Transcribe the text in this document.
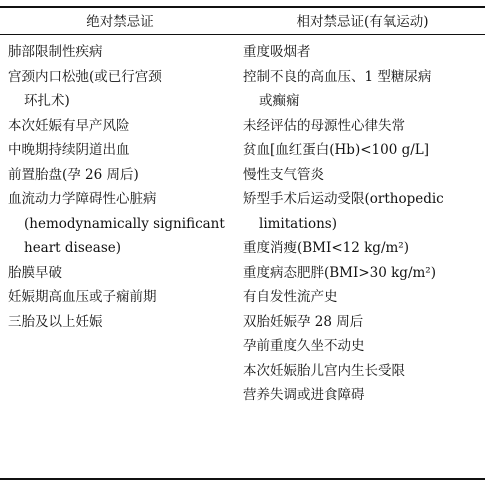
绝对禁忌证	相对禁忌证(有氧运动)
肺部限制性疾病
宫颈内口松弛(或已行宫颈
环扎术)
本次妊娠有早产风险
中晚期持续阴道出血
前置胎盘(孕 26 周后)
血流动力学障碍性心脏病
(hemodynamically significant
heart disease)
胎膜早破
妊娠期高血压或子痫前期
三胎及以上妊娠
重度吸烟者
控制不良的高血压、1 型糖尿病
或癫痫
未经评估的母源性心律失常
贫血[血红蛋白(Hb)<100 g/L]
慢性支气管炎
矫型手术后运动受限(orthopedic
limitations)
重度消瘦(BMI<12 kg/m²)
重度病态肥胖(BMI>30 kg/m²)
有自发性流产史
双胎妊娠孕 28 周后
孕前重度久坐不动史
本次妊娠胎儿宫内生长受限
营养失调或进食障碍
